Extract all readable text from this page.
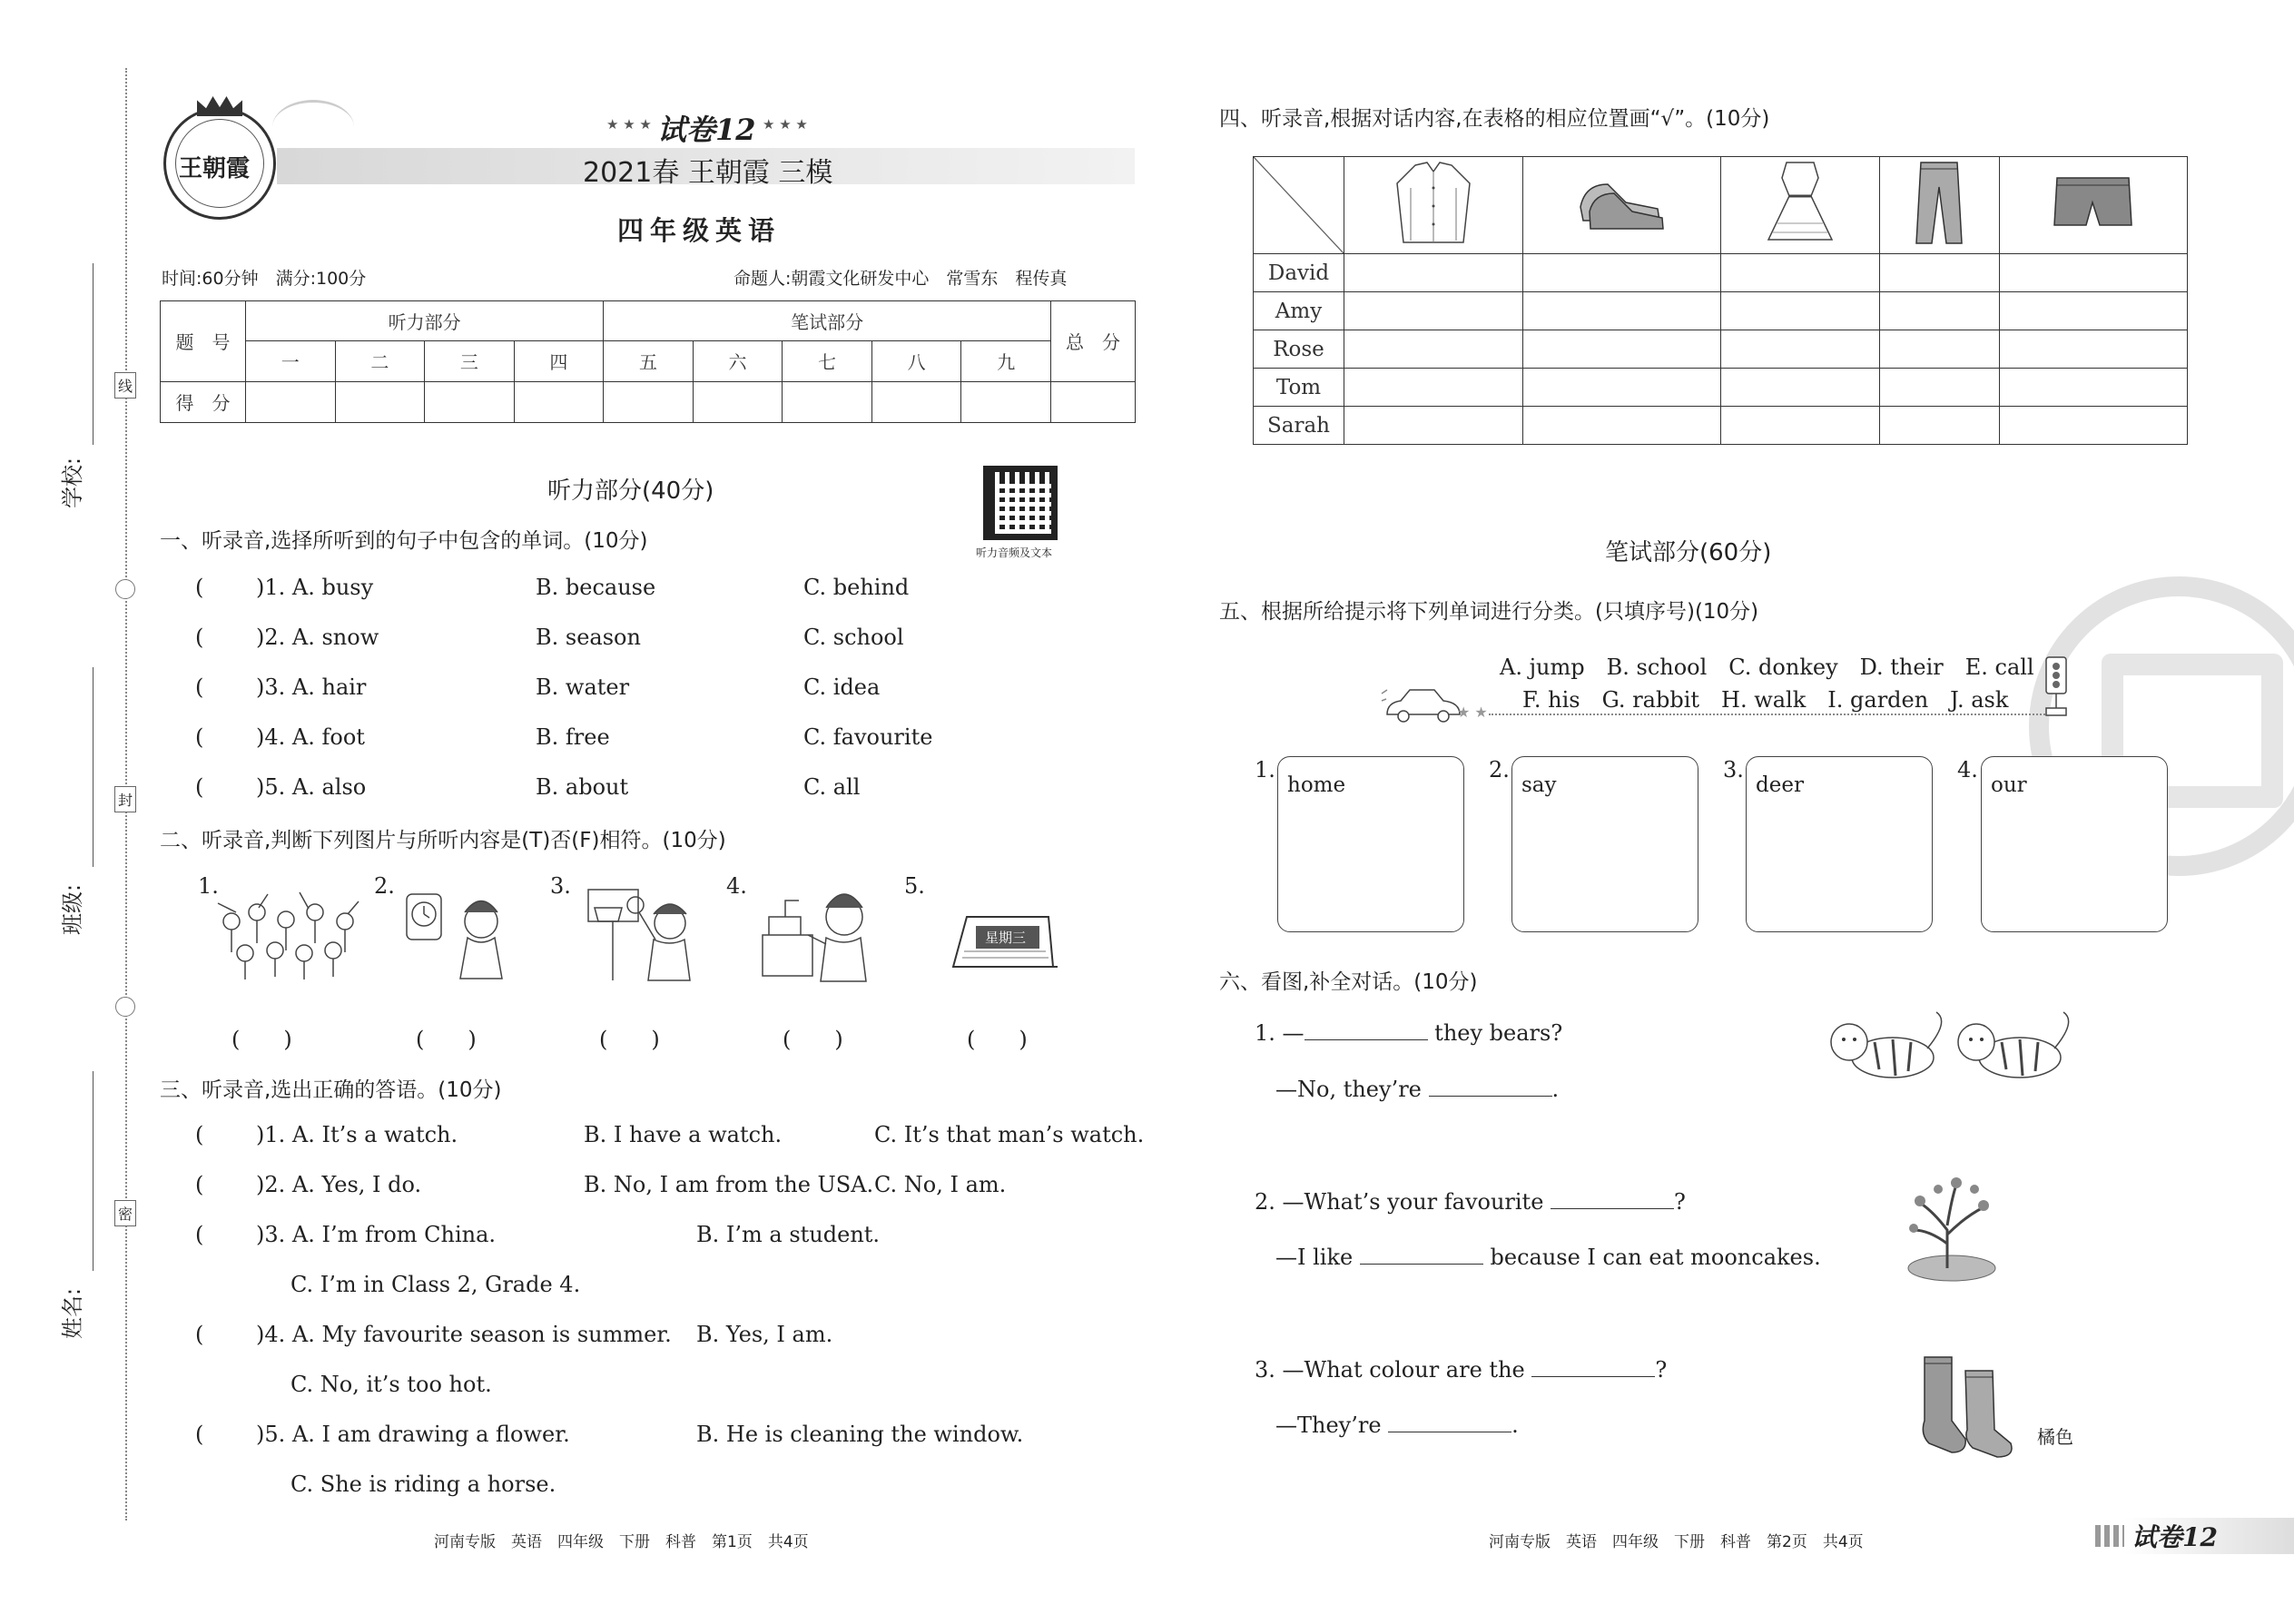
学校:
班级:
姓名:
线
封
密
王朝霞
★ ★ ★ 试卷12 ★ ★ ★
2021春 王朝霞 三模
四年级英语
时间:60分钟　满分:100分	命题人:朝霞文化研发中心　常雪东　程传真
题　号	听力部分				笔试部分					总　分
	一	二	三	四	五	六	七	八	九	
得　分										
听力部分(40分)
听力音频及文本
一、听录音,选择所听到的句子中包含的单词。(10分)
( )1. A. busy	B. because	C. behind
( )2. A. snow	B. season	C. school
( )3. A. hair	B. water	C. idea
( )4. A. foot	B. free	C. favourite
( )5. A. also	B. about	C. all
二、听录音,判断下列图片与所听内容是(T)否(F)相符。(10分)
1.	2.	3.	4.	5.
星期三
(　　)	(　　)	(　　)	(　　)	(　　)
三、听录音,选出正确的答语。(10分)
( )1. A. It’s a watch.	B. I have a watch.	C. It’s that man’s watch.
( )2. A. Yes, I do.	B. No, I am from the USA. C. No, I am.
( )3. A. I’m from China.	B. I’m a student.
C. I’m in Class 2, Grade 4.
( )4. A. My favourite season is summer. B. Yes, I am.
C. No, it’s too hot.
( )5. A. I am drawing a flower.	B. He is cleaning the window.
C. She is riding a horse.
河南专版　英语　四年级　下册　科普　第1页　共4页
四、听录音,根据对话内容,在表格的相应位置画“√”。(10分)

David					
Amy					
Rose					
Tom					
Sarah					
笔试部分(60分)
五、根据所给提示将下列单词进行分类。(只填序号)(10分)
A. jump　B. school　C. donkey　D. their　E. call
F. his　G. rabbit　H. walk　I. garden　J. ask
★ ★
1.
home
2.
say
3.
deer
4.
our
六、看图,补全对话。(10分)
1. —	they bears?
—No, they’re	.
2. —What’s your favourite	?
—I like	because I can eat mooncakes.
3. —What colour are the	?
—They’re	.	橘色
河南专版　英语　四年级　下册　科普　第2页　共4页	试卷12
